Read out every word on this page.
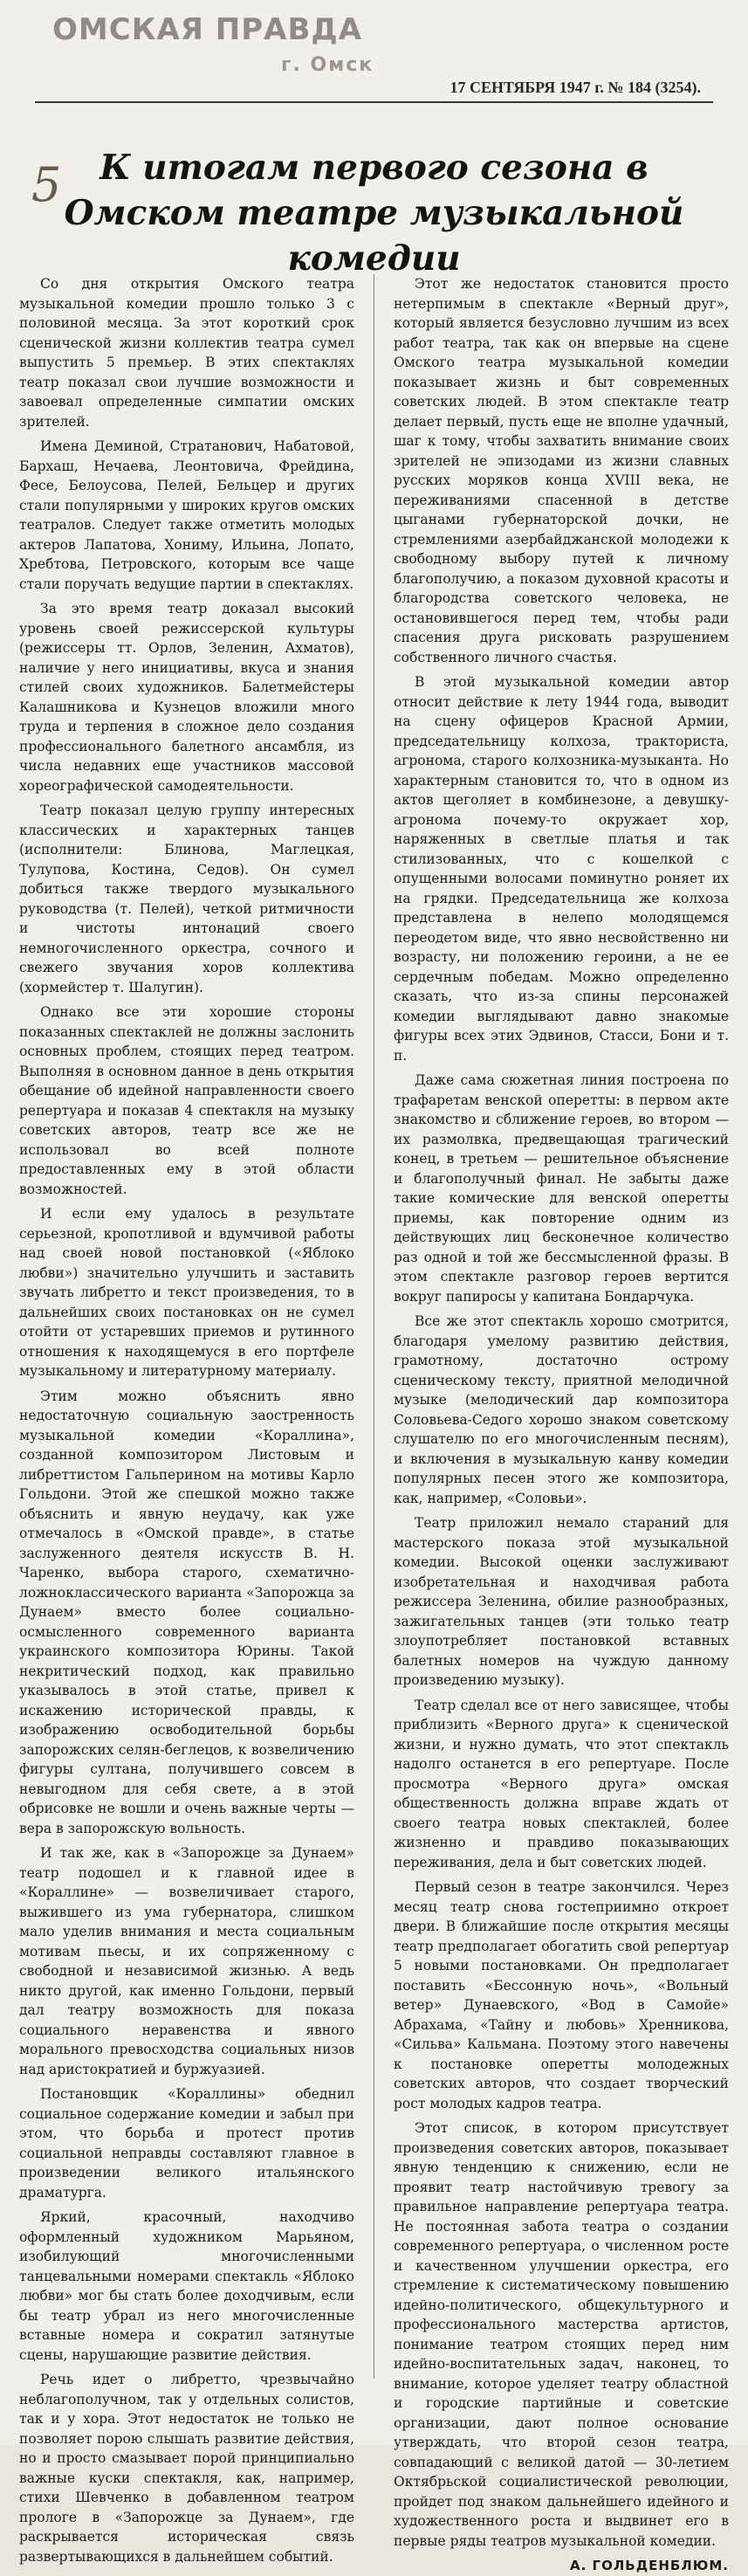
ОМСКАЯ ПРАВДА
г. Омск
17 СЕНТЯБРЯ 1947 г. № 184 (3254).
5	К итогам первого сезона в Омском театре музыкальной комедии

Со дня открытия Омского театра музыкальной комедии прошло только 3 с половиной месяца. За этот короткий срок сценической жизни коллектив театра сумел выпустить 5 премьер. В этих спектаклях театр показал свои лучшие возможности и завоевал определенные симпатии омских зрителей.

Имена Деминой, Стратанович, Набатовой, Бархаш, Нечаева, Леонтовича, Фрейдина, Фесе, Белоусова, Пелей, Бельцер и других стали популярными у широких кругов омских театралов. Следует также отметить молодых актеров Лапатова, Хониму, Ильина, Лопато, Хребтова, Петровского, которым все чаще стали поручать ведущие партии в спектаклях.

За это время театр доказал высокий уровень своей режиссерской культуры (режиссеры тт. Орлов, Зеленин, Ахматов), наличие у него инициативы, вкуса и знания стилей своих художников. Балетмейстеры Калашникова и Кузнецов вложили много труда и терпения в сложное дело создания профессионального балетного ансамбля, из числа недавних еще участников массовой хореографической самодеятельности.

Театр показал целую группу интересных классических и характерных танцев (исполнители: Блинова, Маглецкая, Тулупова, Костина, Седов). Он сумел добиться также твердого музыкального руководства (т. Пелей), четкой ритмичности и чистоты интонаций своего немногочисленного оркестра, сочного и свежего звучания хоров коллектива (хормейстер т. Шалугин).

Однако все эти хорошие стороны показанных спектаклей не должны заслонить основных проблем, стоящих перед театром. Выполняя в основном данное в день открытия обещание об идейной направленности своего репертуара и показав 4 спектакля на музыку советских авторов, театр все же не использовал во всей полноте предоставленных ему в этой области возможностей.

И если ему удалось в результате серьезной, кропотливой и вдумчивой работы над своей новой постановкой («Яблоко любви») значительно улучшить и заставить звучать либретто и текст произведения, то в дальнейших своих постановках он не сумел отойти от устаревших приемов и рутинного отношения к находящемуся в его портфеле музыкальному и литературному материалу.

Этим можно объяснить явно недостаточную социальную заостренность музыкальной комедии «Кораллина», созданной композитором Листовым и либреттистом Гальперином на мотивы Карло Гольдони. Этой же спешкой можно также объяснить и явную неудачу, как уже отмечалось в «Омской правде», в статье заслуженного деятеля искусств В. Н. Чаренко, выбора старого, схематично-ложноклассического варианта «Запорожца за Дунаем» вместо более социально-осмысленного современного варианта украинского композитора Юрины. Такой некритический подход, как правильно указывалось в этой статье, привел к искажению исторической правды, к изображению освободительной борьбы запорожских селян-беглецов, к возвеличению фигуры султана, получившего совсем в невыгодном для себя свете, а в этой обрисовке не вошли и очень важные черты — вера в запорожскую вольность.

И так же, как в «Запорожце за Дунаем» театр подошел и к главной идее в «Кораллине» — возвеличивает старого, выжившего из ума губернатора, слишком мало уделив внимания и места социальным мотивам пьесы, и их сопряженному с свободной и независимой жизнью. А ведь никто другой, как именно Гольдони, первый дал театру возможность для показа социального неравенства и явного морального превосходства социальных низов над аристократией и буржуазией.

Постановщик «Кораллины» обеднил социальное содержание комедии и забыл при этом, что борьба и протест против социальной неправды составляют главное в произведении великого итальянского драматурга.

Яркий, красочный, находчиво оформленный художником Марьяном, изобилующий многочисленными танцевальными номерами спектакль «Яблоко любви» мог бы стать более доходчивым, если бы театр убрал из него многочисленные вставные номера и сократил затянутые сцены, нарушающие развитие действия.

Речь идет о либретто, чрезвычайно неблагополучном, так у отдельных солистов, так и у хора. Этот недостаток не только не позволяет порою слышать развитие действия, но и просто смазывает порой принципиально важные куски спектакля, как, например, стихи Шевченко в добавленном театром прологе в «Запорожце за Дунаем», где раскрывается историческая связь развертывающихся в дальнейшем событий.

Этот же недостаток становится просто нетерпимым в спектакле «Верный друг», который является безусловно лучшим из всех работ театра, так как он впервые на сцене Омского театра музыкальной комедии показывает жизнь и быт современных советских людей. В этом спектакле театр делает первый, пусть еще не вполне удачный, шаг к тому, чтобы захватить внимание своих зрителей не эпизодами из жизни славных русских моряков конца XVIII века, не переживаниями спасенной в детстве цыганами губернаторской дочки, не стремлениями азербайджанской молодежи к свободному выбору путей к личному благополучию, а показом духовной красоты и благородства советского человека, не остановившегося перед тем, чтобы ради спасения друга рисковать разрушением собственного личного счастья.

В этой музыкальной комедии автор относит действие к лету 1944 года, выводит на сцену офицеров Красной Армии, председательницу колхоза, тракториста, агронома, старого колхозника-музыканта. Но характерным становится то, что в одном из актов щеголяет в комбинезоне, а девушку-агронома почему-то окружает хор, наряженных в светлые платья и так стилизованных, что с кошелкой с опущенными волосами поминутно роняет их на грядки. Председательница же колхоза представлена в нелепо молодящемся переодетом виде, что явно несвойственно ни возрасту, ни положению героини, а не ее сердечным победам. Можно определенно сказать, что из-за спины персонажей комедии выглядывают давно знакомые фигуры всех этих Эдвинов, Стасси, Бони и т. п.

Даже сама сюжетная линия построена по трафаретам венской оперетты: в первом акте знакомство и сближение героев, во втором — их размолвка, предвещающая трагический конец, в третьем — решительное объяснение и благополучный финал. Не забыты даже такие комические для венской оперетты приемы, как повторение одним из действующих лиц бесконечное количество раз одной и той же бессмысленной фразы. В этом спектакле разговор героев вертится вокруг папиросы у капитана Бондарчука.

Все же этот спектакль хорошо смотрится, благодаря умелому развитию действия, грамотному, достаточно острому сценическому тексту, приятной мелодичной музыке (мелодический дар композитора Соловьева-Седого хорошо знаком советскому слушателю по его многочисленным песням), и включения в музыкальную канву комедии популярных песен этого же композитора, как, например, «Соловьи».

Театр приложил немало стараний для мастерского показа этой музыкальной комедии. Высокой оценки заслуживают изобретательная и находчивая работа режиссера Зеленина, обилие разнообразных, зажигательных танцев (эти только театр злоупотребляет постановкой вставных балетных номеров на чуждую данному произведению музыку).

Театр сделал все от него зависящее, чтобы приблизить «Верного друга» к сценической жизни, и нужно думать, что этот спектакль надолго останется в его репертуаре. После просмотра «Верного друга» омская общественность должна вправе ждать от своего театра новых спектаклей, более жизненно и правдиво показывающих переживания, дела и быт советских людей.

Первый сезон в театре закончился. Через месяц театр снова гостеприимно откроет двери. В ближайшие после открытия месяцы театр предполагает обогатить свой репертуар 5 новыми постановками. Он предполагает поставить «Бессонную ночь», «Вольный ветер» Дунаевского, «Вод в Самойе» Абрахама, «Тайну и любовь» Хренникова, «Сильва» Кальмана. Поэтому этого навечены к постановке оперетты молодежных советских авторов, что создает творческий рост молодых кадров театра.

Этот список, в котором присутствует произведения советских авторов, показывает явную тенденцию к снижению, если не проявит театр настойчивую тревогу за правильное направление репертуара театра. Не постоянная забота театра о создании современного репертуара, о численном росте и качественном улучшении оркестра, его стремление к систематическому повышению идейно-политического, общекультурного и профессионального мастерства артистов, понимание театром стоящих перед ним идейно-воспитательных задач, наконец, то внимание, которое уделяет театру областной и городские партийные и советские организации, дают полное основание утверждать, что второй сезон театра, совпадающий с великой датой — 30-летием Октябрьской социалистической революции, пройдет под знаком дальнейшего идейного и художественного роста и выдвинет его в первые ряды театров музыкальной комедии.

А. ГОЛЬДЕНБЛЮМ.
